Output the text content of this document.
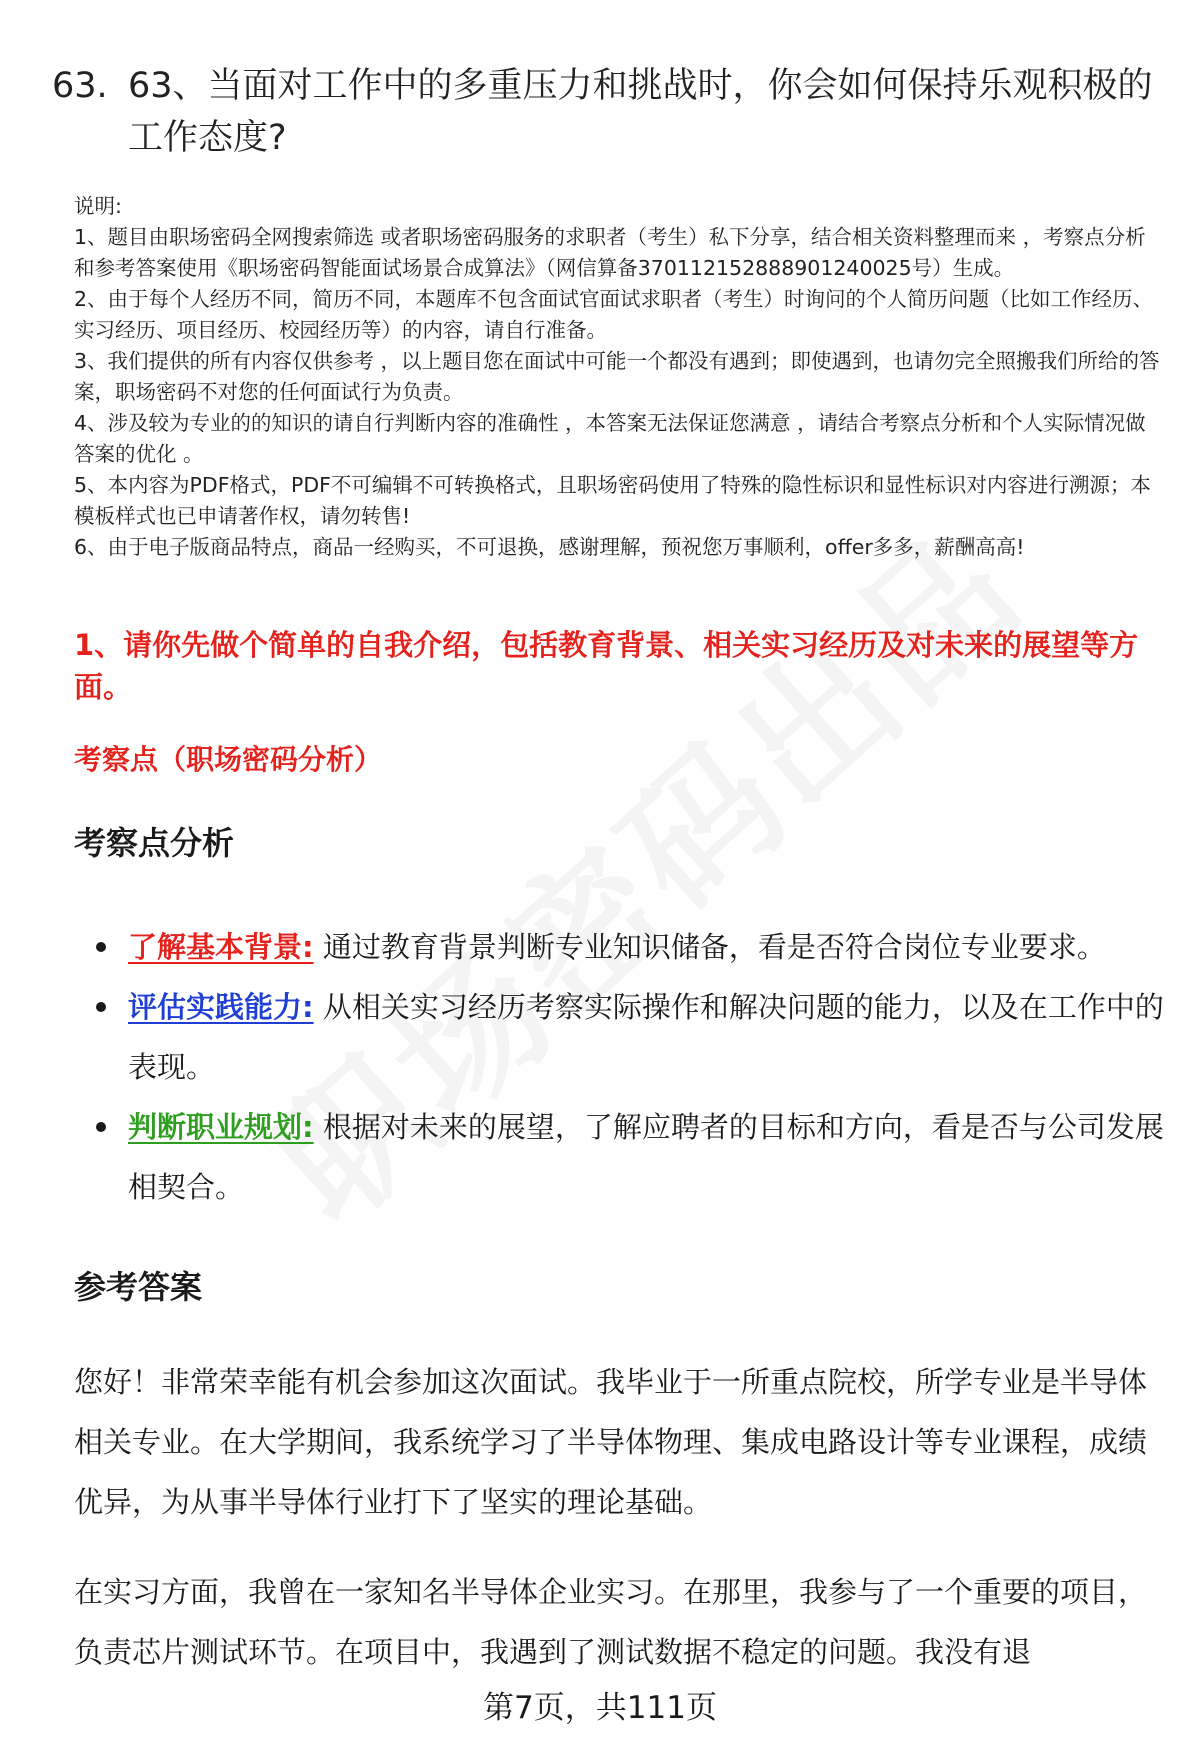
63. 63、当面对工作中的多重压力和挑战时，你会如何保持乐观积极的工作态度?

说明:

1、题目由职场密码全网搜索筛选 或者职场密码服务的求职者（考生）私下分享，结合相关资料整理而来 ，考察点分析和参考答案使用《职场密码智能面试场景合成算法》（网信算备370112152888901240025号）生成。

2、由于每个人经历不同，简历不同，本题库不包含面试官面试求职者（考生）时询问的个人简历问题（比如工作经历、实习经历、项目经历、校园经历等）的内容，请自行准备。

3、我们提供的所有内容仅供参考 ，以上题目您在面试中可能一个都没有遇到；即使遇到，也请勿完全照搬我们所给的答案，职场密码不对您的任何面试行为负责。

4、涉及较为专业的的知识的请自行判断内容的准确性 ，本答案无法保证您满意 ，请结合考察点分析和个人实际情况做答案的优化 。

5、本内容为PDF格式，PDF不可编辑不可转换格式，且职场密码使用了特殊的隐性标识和显性标识对内容进行溯源；本模板样式也已申请著作权，请勿转售!

6、由于电子版商品特点，商品一经购买，不可退换，感谢理解，预祝您万事顺利，offer多多，薪酬高高!

1、请你先做个简单的自我介绍，包括教育背景、相关实习经历及对未来的展望等方面。
考察点（职场密码分析）
考察点分析
了解基本背景: 通过教育背景判断专业知识储备，看是否符合岗位专业要求。
评估实践能力: 从相关实习经历考察实际操作和解决问题的能力，以及在工作中的表现。
判断职业规划: 根据对未来的展望，了解应聘者的目标和方向，看是否与公司发展相契合。
参考答案

您好！非常荣幸能有机会参加这次面试。我毕业于一所重点院校，所学专业是半导体相关专业。在大学期间，我系统学习了半导体物理、集成电路设计等专业课程，成绩优异，为从事半导体行业打下了坚实的理论基础。

在实习方面，我曾在一家知名半导体企业实习。在那里，我参与了一个重要的项目，负责芯片测试环节。在项目中，我遇到了测试数据不稳定的问题。我没有退

第7页，共111页
